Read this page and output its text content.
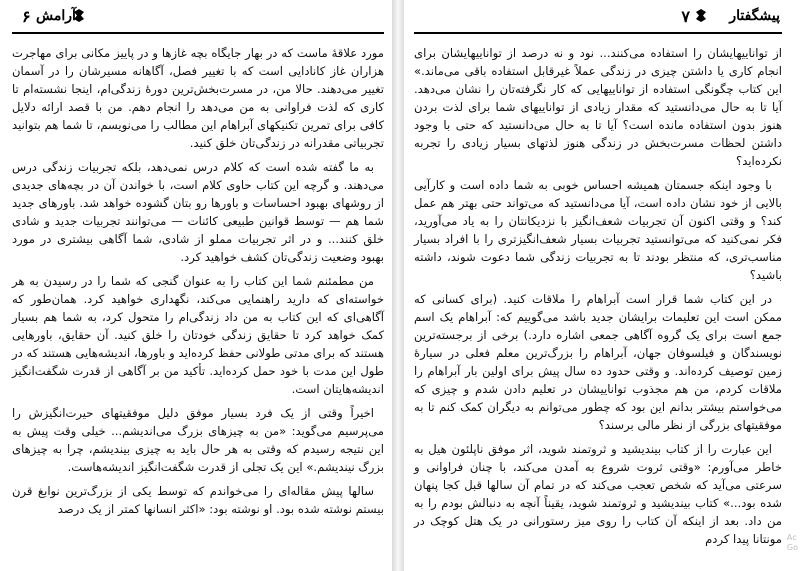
۶ آرامش

مورد علاقهٔ ماست که در بهار جایگاه بچه غازها و در پاییز مکانی برای مهاجرت هزاران غاز کانادایی است که با تغییر فصل، آگاهانه مسیرشان را در آسمان تغییر می‌دهند. حالا من، در مسرت‌بخش‌ترین دورهٔ زندگی‌ام، اینجا نشسته‌ام تا کاری که لذت فراوانی به من می‌دهد را انجام دهم. من با قصد ارائه دلایل کافی برای تمرین تکنیکهای آبراهام این مطالب را می‌نویسم، تا شما هم بتوانید تجربیاتی مقدرانه در زندگی‌تان خلق کنید.

به ما گفته شده است که کلام درس نمی‌دهد، بلکه تجربیات زندگی درس می‌دهند. و گرچه این کتاب حاوی کلام است، با خواندن آن در بچه‌های جدیدی از روشهای بهبود احساسات و باورها رو بتان گشوده خواهد شد. باورهای جدید شما هم — توسط قوانین طبیعی کائنات — می‌توانند تجربیات جدید و شادی خلق کنند... و در اثر تجربیات مملو از شادی، شما آگاهی بیشتری در مورد بهبود وضعیت زندگی‌تان کشف خواهید کرد.

من مطمئنم شما این کتاب را به عنوان گنجی که شما را در رسیدن به هر خواسته‌ای که دارید راهنمایی می‌کند، نگهداری خواهید کرد. همان‌طور که آگاهی‌ای که این کتاب به من داد زندگی‌ام را متحول کرد، به شما هم بسیار کمک خواهد کرد تا حقایق زندگی خودتان را خلق کنید. آن حقایق، باورهایی هستند که برای مدتی طولانی حفظ کرده‌اید و باورها، اندیشه‌هایی هستند که در طول این مدت با خود حمل کرده‌اید. تأکید من بر آگاهی از قدرت شگفت‌انگیز اندیشه‌هایتان است.

اخیراً وقتی از یک فرد بسیار موفق دلیل موفقیتهای حیرت‌انگیزش را می‌پرسیم می‌گوید: «من به چیزهای بزرگ می‌اندیشم... خیلی وقت پیش به این نتیجه رسیدم که وقتی به هر حال باید به چیزی بیندیشم، چرا به چیزهای بزرگ نیندیشم.» این یک تجلی از قدرت شگفت‌انگیز اندیشه‌هاست.

سالها پیش مقاله‌ای را می‌خواندم که توسط یکی از بزرگ‌ترین نوابغ قرن بیستم نوشته شده بود. او نوشته بود: «اکثر انسانها کمتر از یک درصد

پیشگفتار
۷

از تواناییهایشان را استفاده می‌کنند... نود و نه درصد از تواناییهایشان برای انجام کاری یا داشتن چیزی در زندگی عملاً غیرقابل استفاده باقی می‌ماند.» این کتاب چگونگی استفاده از تواناییهایی که کار نگرفته‌تان را نشان می‌دهد. آیا تا به حال می‌دانستید که مقدار زیادی از تواناییهای شما برای لذت بردن هنوز بدون استفاده مانده است؟ آیا تا به حال می‌دانستید که حتی با وجود داشتن لحظات مسرت‌بخش در زندگی هنوز لذتهای بسیار زیادی را تجربه نکرده‌اید؟

با وجود اینکه جسمتان همیشه احساس خوبی به شما داده است و کارآیی بالایی از خود نشان داده است، آیا می‌دانستید که می‌تواند حتی بهتر هم عمل کند؟ و وقتی اکنون آن تجربیات شعف‌انگیز با نزدیکانتان را به یاد می‌آورید، فکر نمی‌کنید که می‌توانستید تجربیات بسیار شعف‌انگیزتری را با افراد بسیار مناسب‌تری، که منتظر بودند تا به تجربیات زندگی شما دعوت شوند، داشته باشید؟

در این کتاب شما قرار است آبراهام را ملاقات کنید. (برای کسانی که ممکن است این تعلیمات برایشان جدید باشد می‌گوییم که: آبراهام یک اسم جمع است برای یک گروه آگاهی جمعی اشاره دارد.) برخی از برجسته‌ترین نویسندگان و فیلسوفان جهان، آبراهام را بزرگ‌ترین معلم فعلی در سیارهٔ زمین توصیف کرده‌اند. و وقتی حدود ده سال پیش برای اولین بار آبراهام را ملاقات کردم، من هم مجذوب تواناییشان در تعلیم دادن شدم و چیزی که می‌خواستم بیشتر بدانم این بود که چطور می‌توانم به دیگران کمک کنم تا به موفقیتهای بزرگی از نظر مالی برسند؟

این عبارت را از کتاب بیندیشید و ثروتمند شوید، اثر موفق ناپلئون هیل به خاطر می‌آورم: «وقتی ثروت شروع به آمدن می‌کند، با چنان فراوانی و سرعتی می‌آید که شخص تعجب می‌کند که در تمام آن سالها قبل کجا پنهان شده بود...» کتاب بیندیشید و ثروتمند شوید، یقیناً آنچه به دنبالش بودم را به من داد. بعد از اینکه آن کتاب را روی میز رستورانی در یک هتل کوچک در مونتانا پیدا کردم Ac
Go
